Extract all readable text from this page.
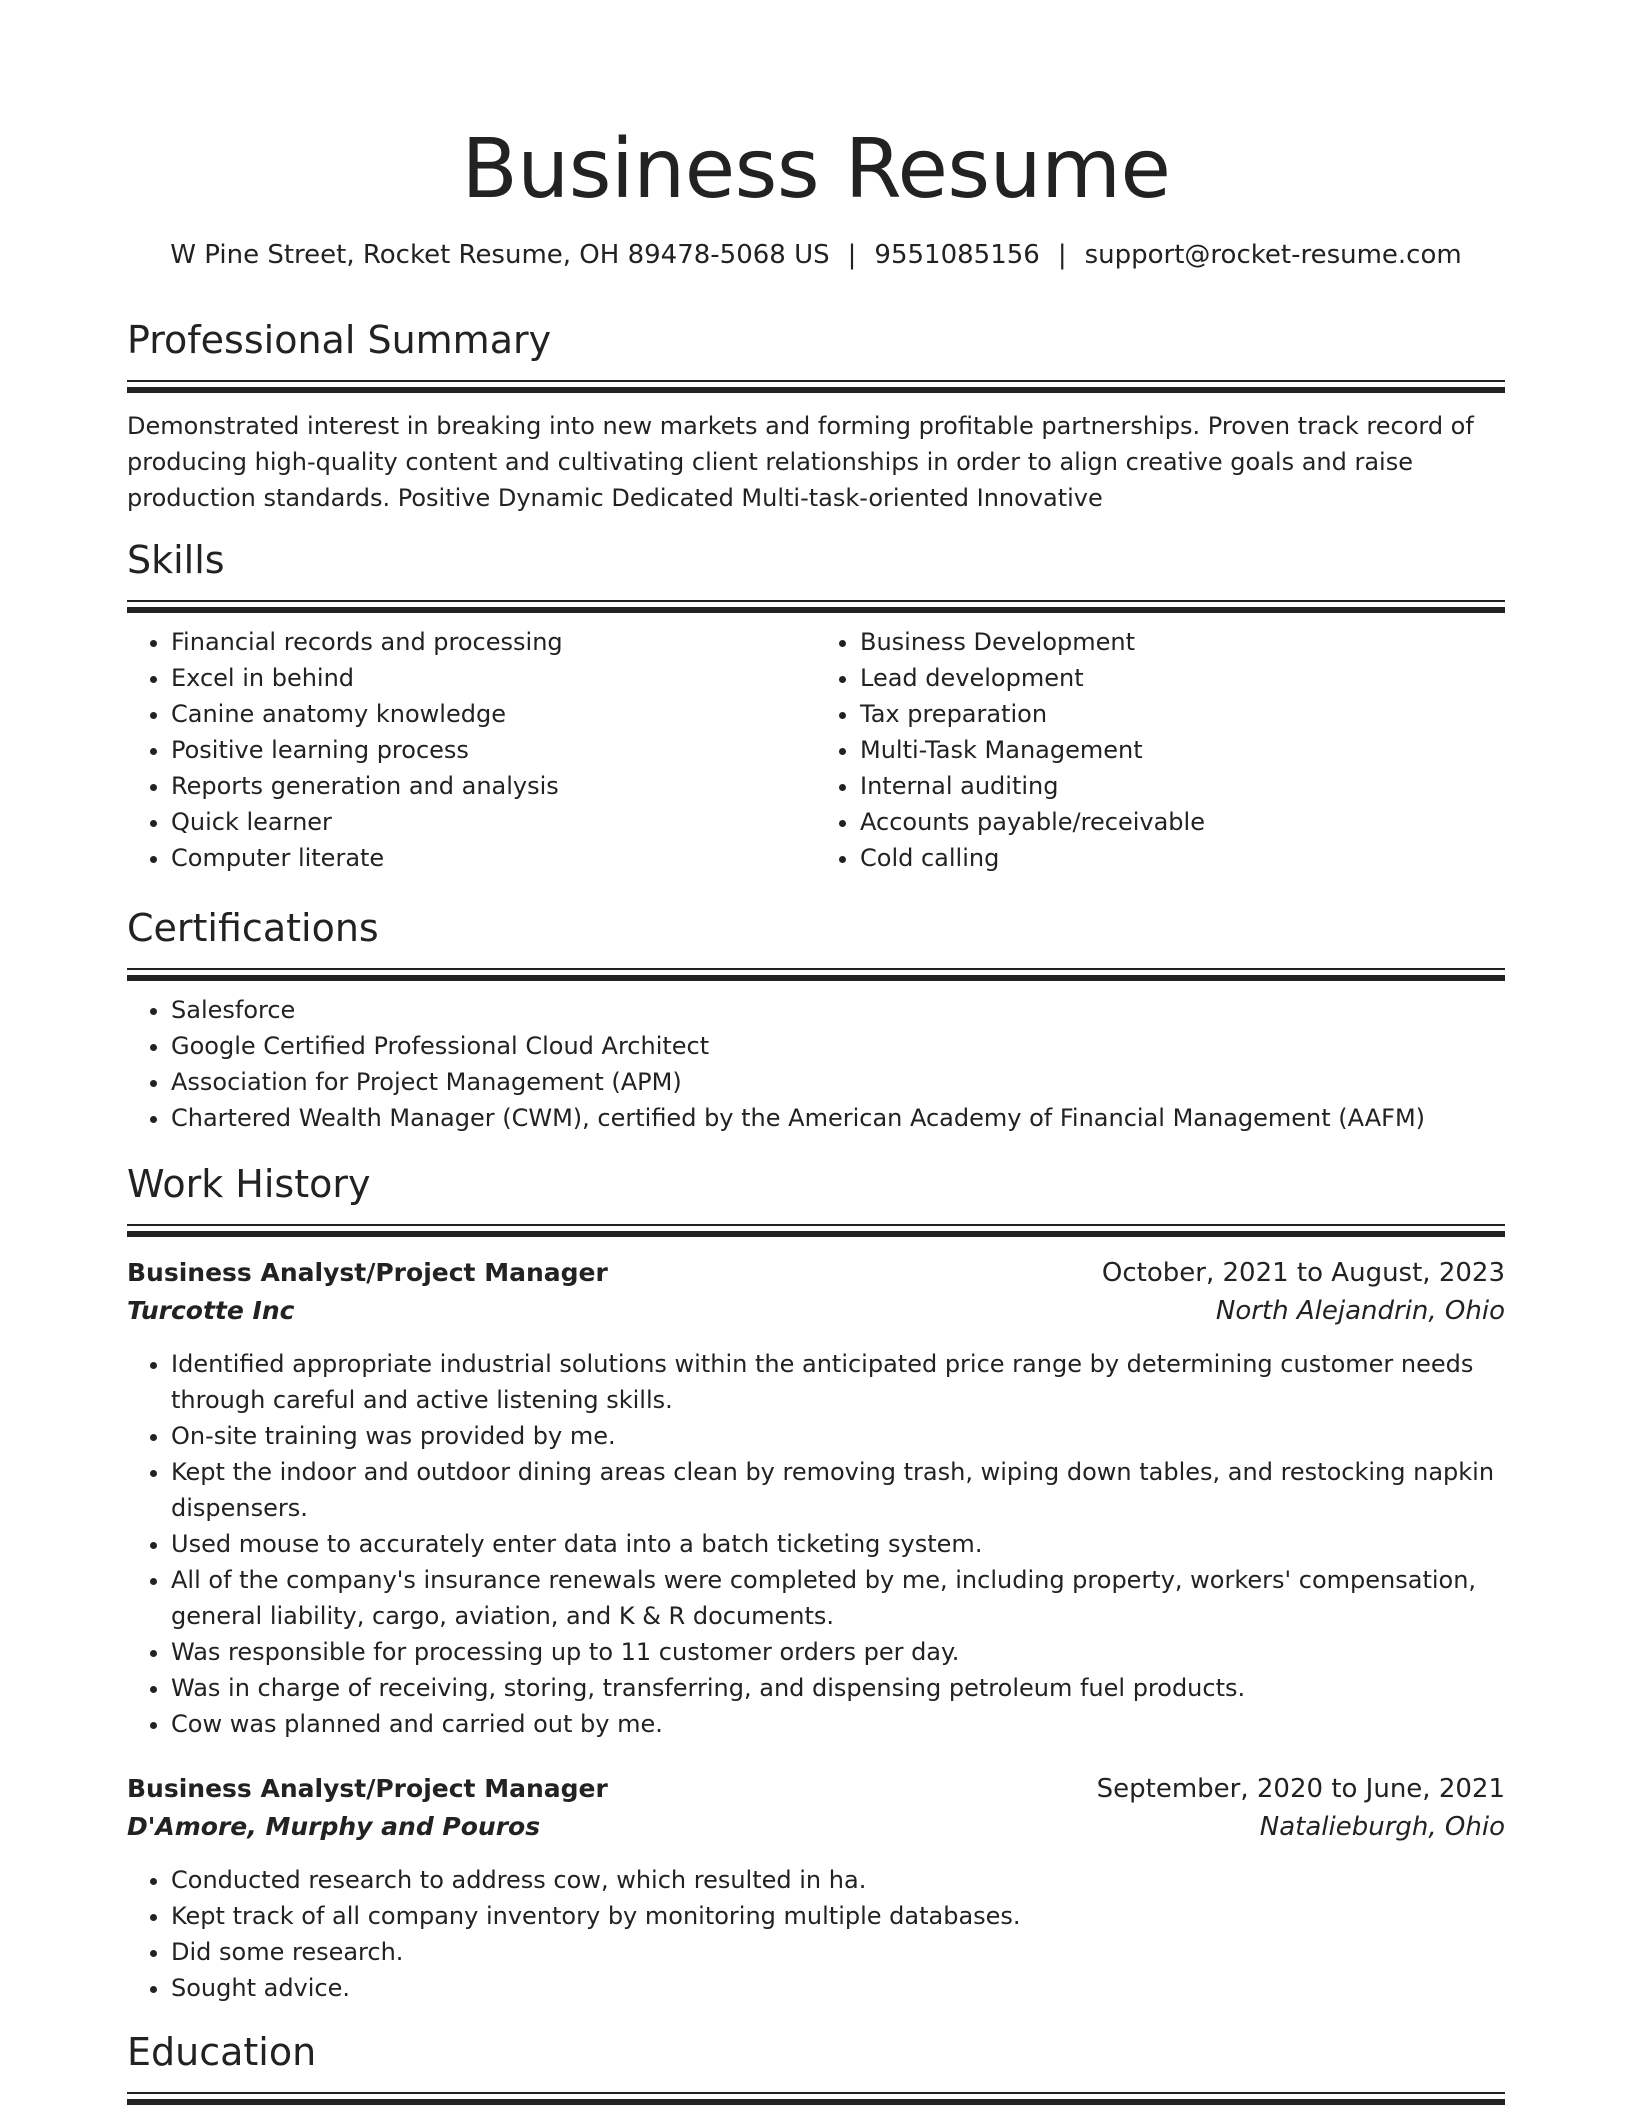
Business Resume
W Pine Street, Rocket Resume, OH 89478-5068 US | 9551085156 | support@rocket-resume.com
Professional Summary
Demonstrated interest in breaking into new markets and forming profitable partnerships. Proven track record of producing high-quality content and cultivating client relationships in order to align creative goals and raise production standards. Positive Dynamic Dedicated Multi-task-oriented Innovative
Skills
• Financial records and processing
• Excel in behind
• Canine anatomy knowledge
• Positive learning process
• Reports generation and analysis
• Quick learner
• Computer literate
• Business Development
• Lead development
• Tax preparation
• Multi-Task Management
• Internal auditing
• Accounts payable/receivable
• Cold calling
Certifications
• Salesforce
• Google Certified Professional Cloud Architect
• Association for Project Management (APM)
• Chartered Wealth Manager (CWM), certified by the American Academy of Financial Management (AAFM)
Work History
Business Analyst/Project Manager	October, 2021 to August, 2023
Turcotte Inc	North Alejandrin, Ohio
• Identified appropriate industrial solutions within the anticipated price range by determining customer needs through careful and active listening skills.
• On-site training was provided by me.
• Kept the indoor and outdoor dining areas clean by removing trash, wiping down tables, and restocking napkin dispensers.
• Used mouse to accurately enter data into a batch ticketing system.
• All of the company's insurance renewals were completed by me, including property, workers' compensation, general liability, cargo, aviation, and K & R documents.
• Was responsible for processing up to 11 customer orders per day.
• Was in charge of receiving, storing, transferring, and dispensing petroleum fuel products.
• Cow was planned and carried out by me.
Business Analyst/Project Manager	September, 2020 to June, 2021
D'Amore, Murphy and Pouros	Natalieburgh, Ohio
• Conducted research to address cow, which resulted in ha.
• Kept track of all company inventory by monitoring multiple databases.
• Did some research.
• Sought advice.
Education
